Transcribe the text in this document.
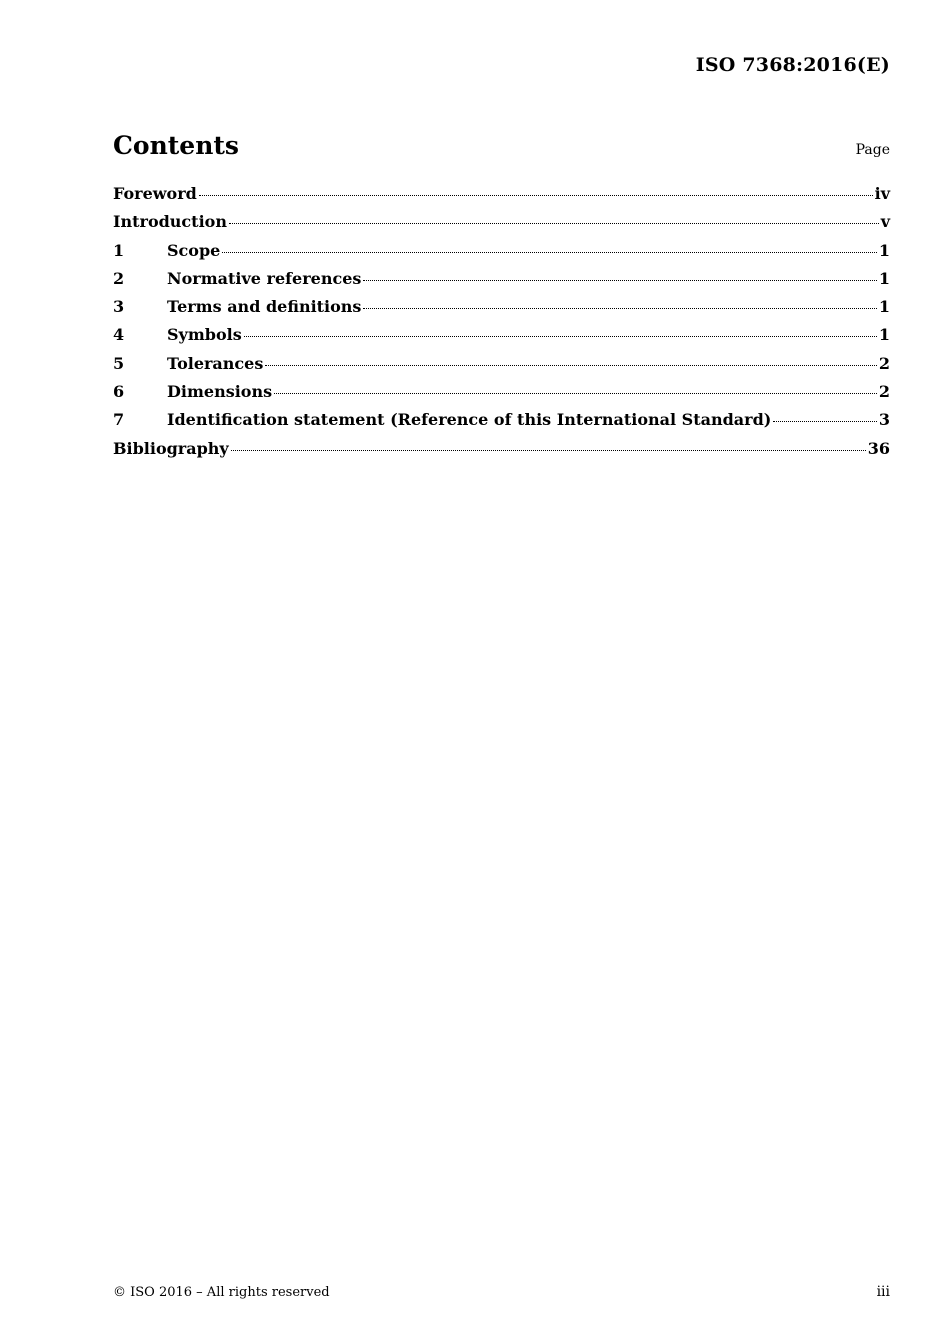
ISO 7368:2016(E)
Contents	Page
Foreword	iv
Introduction	v
1	Scope	1
2	Normative references	1
3	Terms and definitions	1
4	Symbols	1
5	Tolerances	2
6	Dimensions	2
7	Identification statement (Reference of this International Standard)	3
Bibliography	36
© ISO 2016 – All rights reserved	iii
